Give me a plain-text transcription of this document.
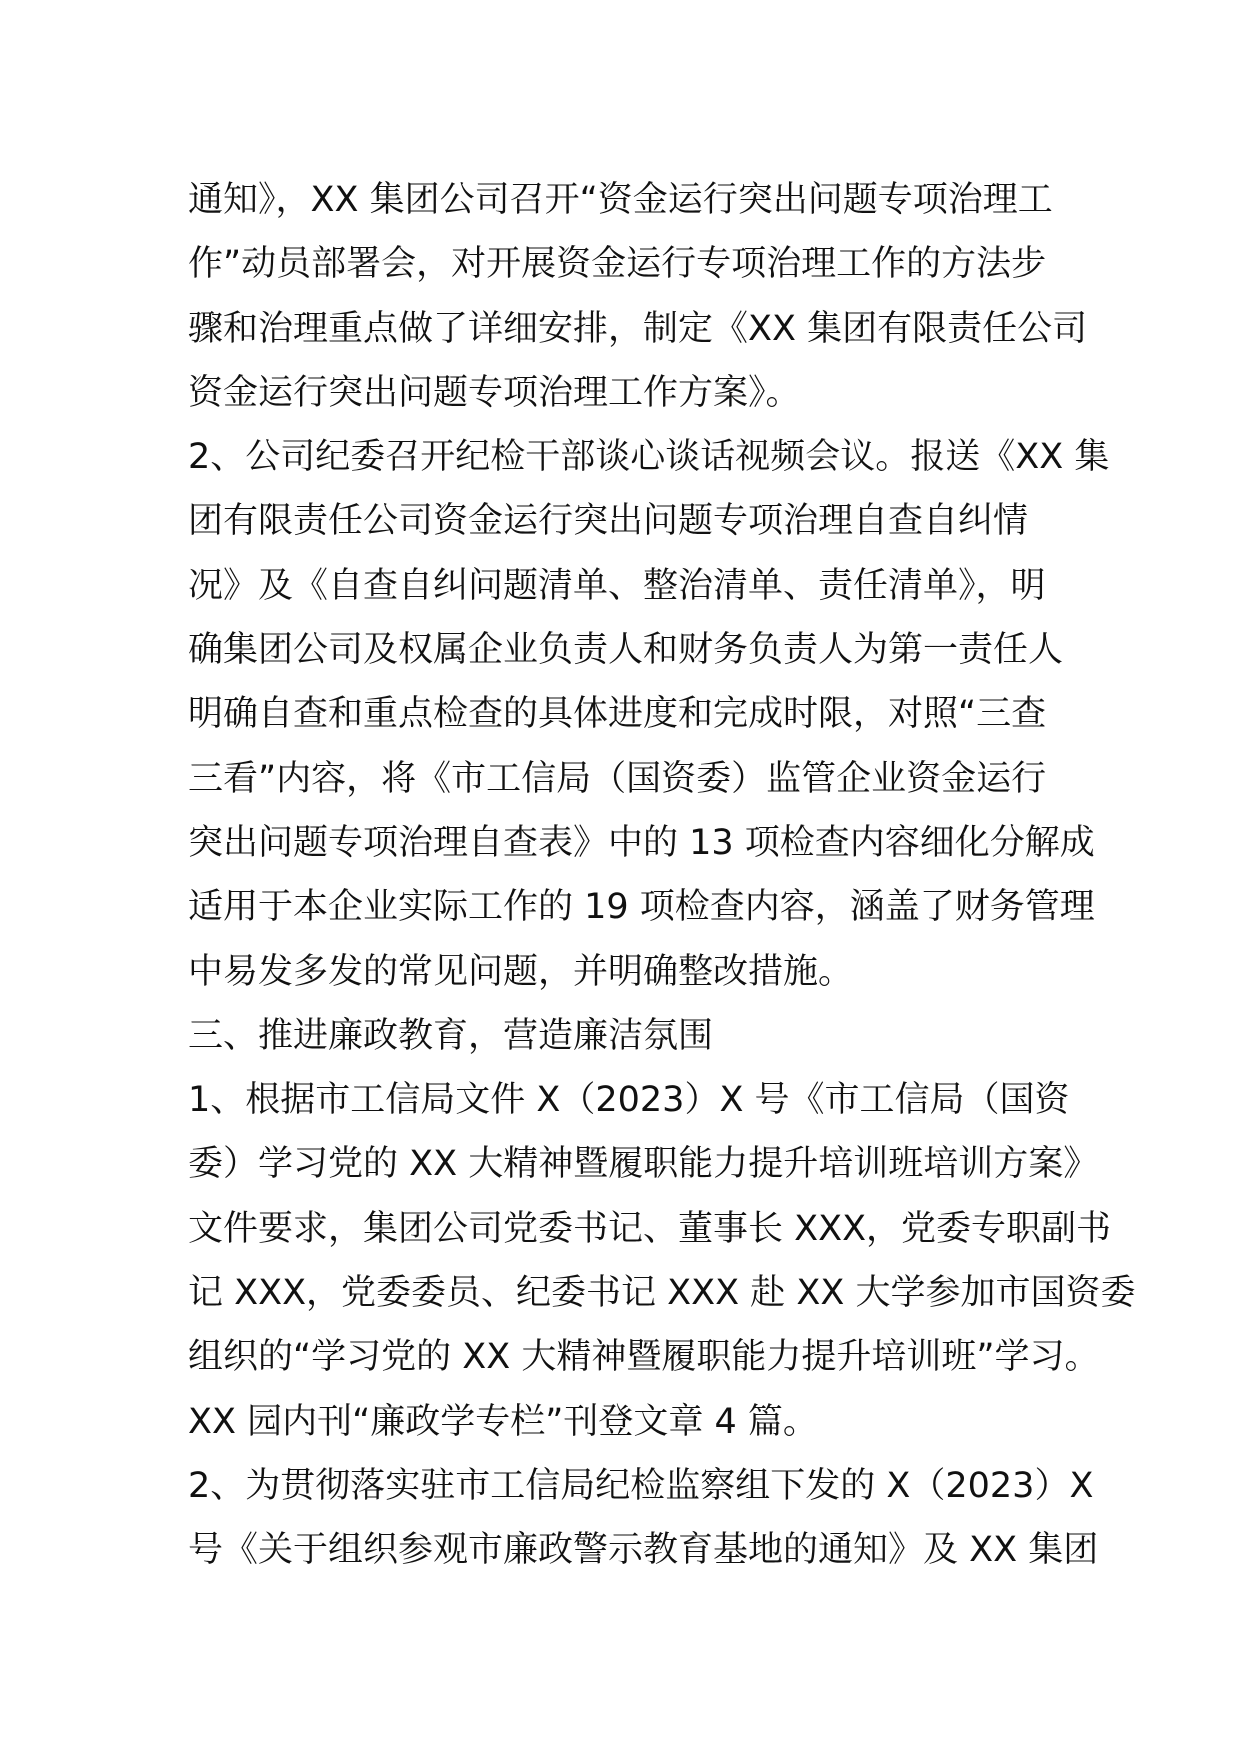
通知》，XX 集团公司召开“资金运行突出问题专项治理工
作”动员部署会，对开展资金运行专项治理工作的方法步
骤和治理重点做了详细安排，制定《XX 集团有限责任公司
资金运行突出问题专项治理工作方案》。
2、公司纪委召开纪检干部谈心谈话视频会议。报送《XX 集
团有限责任公司资金运行突出问题专项治理自查自纠情
况》及《自查自纠问题清单、整治清单、责任清单》，明
确集团公司及权属企业负责人和财务负责人为第一责任人
明确自查和重点检查的具体进度和完成时限，对照“三查
三看”内容，将《市工信局（国资委）监管企业资金运行
突出问题专项治理自查表》中的 13 项检查内容细化分解成
适用于本企业实际工作的 19 项检查内容，涵盖了财务管理
中易发多发的常见问题，并明确整改措施。
三、推进廉政教育，营造廉洁氛围
1、根据市工信局文件 X（2023）X 号《市工信局（国资
委）学习党的 XX 大精神暨履职能力提升培训班培训方案》
文件要求，集团公司党委书记、董事长 XXX，党委专职副书
记 XXX，党委委员、纪委书记 XXX 赴 XX 大学参加市国资委
组织的“学习党的 XX 大精神暨履职能力提升培训班”学习。
XX 园内刊“廉政学专栏”刊登文章 4 篇。
2、为贯彻落实驻市工信局纪检监察组下发的 X（2023）X
号《关于组织参观市廉政警示教育基地的通知》及 XX 集团
